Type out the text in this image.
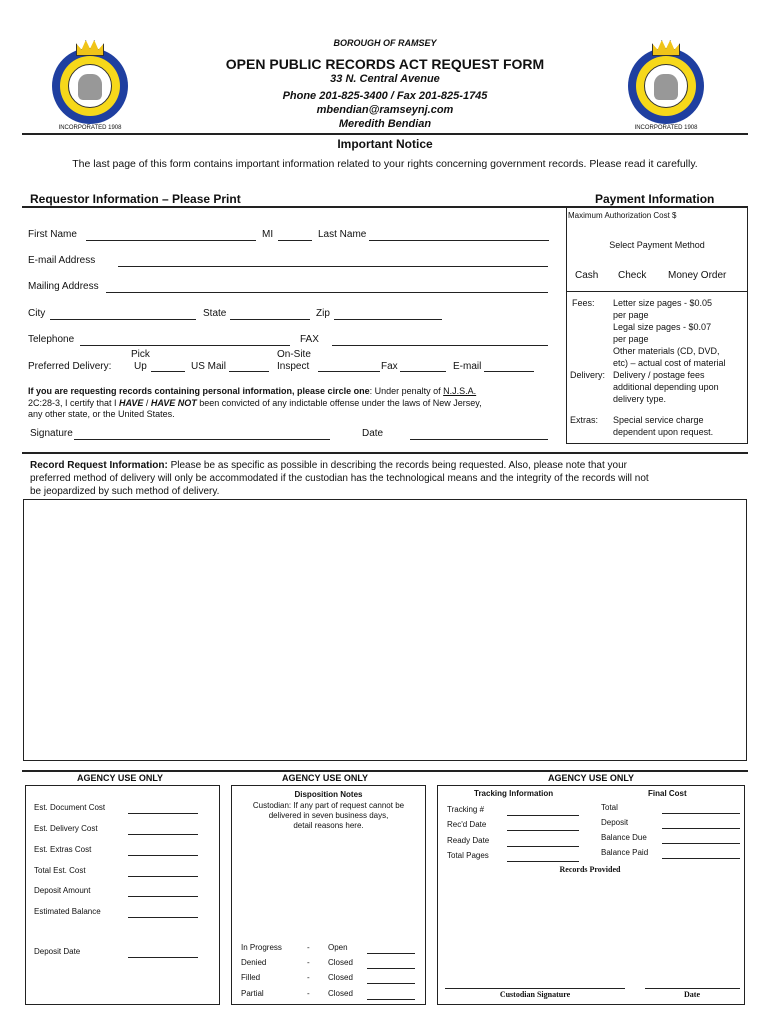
INCORPORATED 1908	INCORPORATED 1908
BOROUGH OF RAMSEY
OPEN PUBLIC RECORDS ACT REQUEST FORM
33 N. Central Avenue
Phone 201-825-3400 / Fax 201-825-1745
mbendian@ramseynj.com
Meredith Bendian
Important Notice
The last page of this form contains important information related to your rights concerning government records. Please read it carefully.
Requestor Information – Please Print	Payment Information
First Name	MI	Last Name
E-mail Address
Mailing Address
City	State	Zip
Telephone	FAX
Preferred Delivery:
Pick
Up	US Mail
On-Site
Inspect	Fax	E-mail
If you are requesting records containing personal information, please circle one: Under penalty of N.J.S.A.
2C:28-3, I certify that I HAVE / HAVE NOT been convicted of any indictable offense under the laws of New Jersey,
any other state, or the United States.
Signature	Date
Maximum Authorization Cost $
Select Payment Method
Cash Check Money Order
Fees: Letter size pages - $0.05
per page
Legal size pages - $0.07
per page
Other materials (CD, DVD,
etc) – actual cost of material
Delivery: Delivery / postage fees
additional depending upon
delivery type.
Extras: Special service charge
dependent upon request.
Record Request Information: Please be as specific as possible in describing the records being requested. Also, please note that your
preferred method of delivery will only be accommodated if the custodian has the technological means and the integrity of the records will not
be jeopardized by such method of delivery.
AGENCY USE ONLY
Est. Document Cost
Est. Delivery Cost
Est. Extras Cost
Total Est. Cost
Deposit Amount
Estimated Balance
Deposit Date
AGENCY USE ONLY
Disposition Notes
Custodian: If any part of request cannot be
delivered in seven business days,
detail reasons here.
In Progress	- Open
Denied	- Closed
Filled	- Closed
Partial	- Closed
AGENCY USE ONLY
Tracking Information	Final Cost
Tracking #
Rec'd Date
Ready Date
Total Pages
Total
Deposit
Balance Due
Balance Paid
Records Provided
Custodian Signature	Date
